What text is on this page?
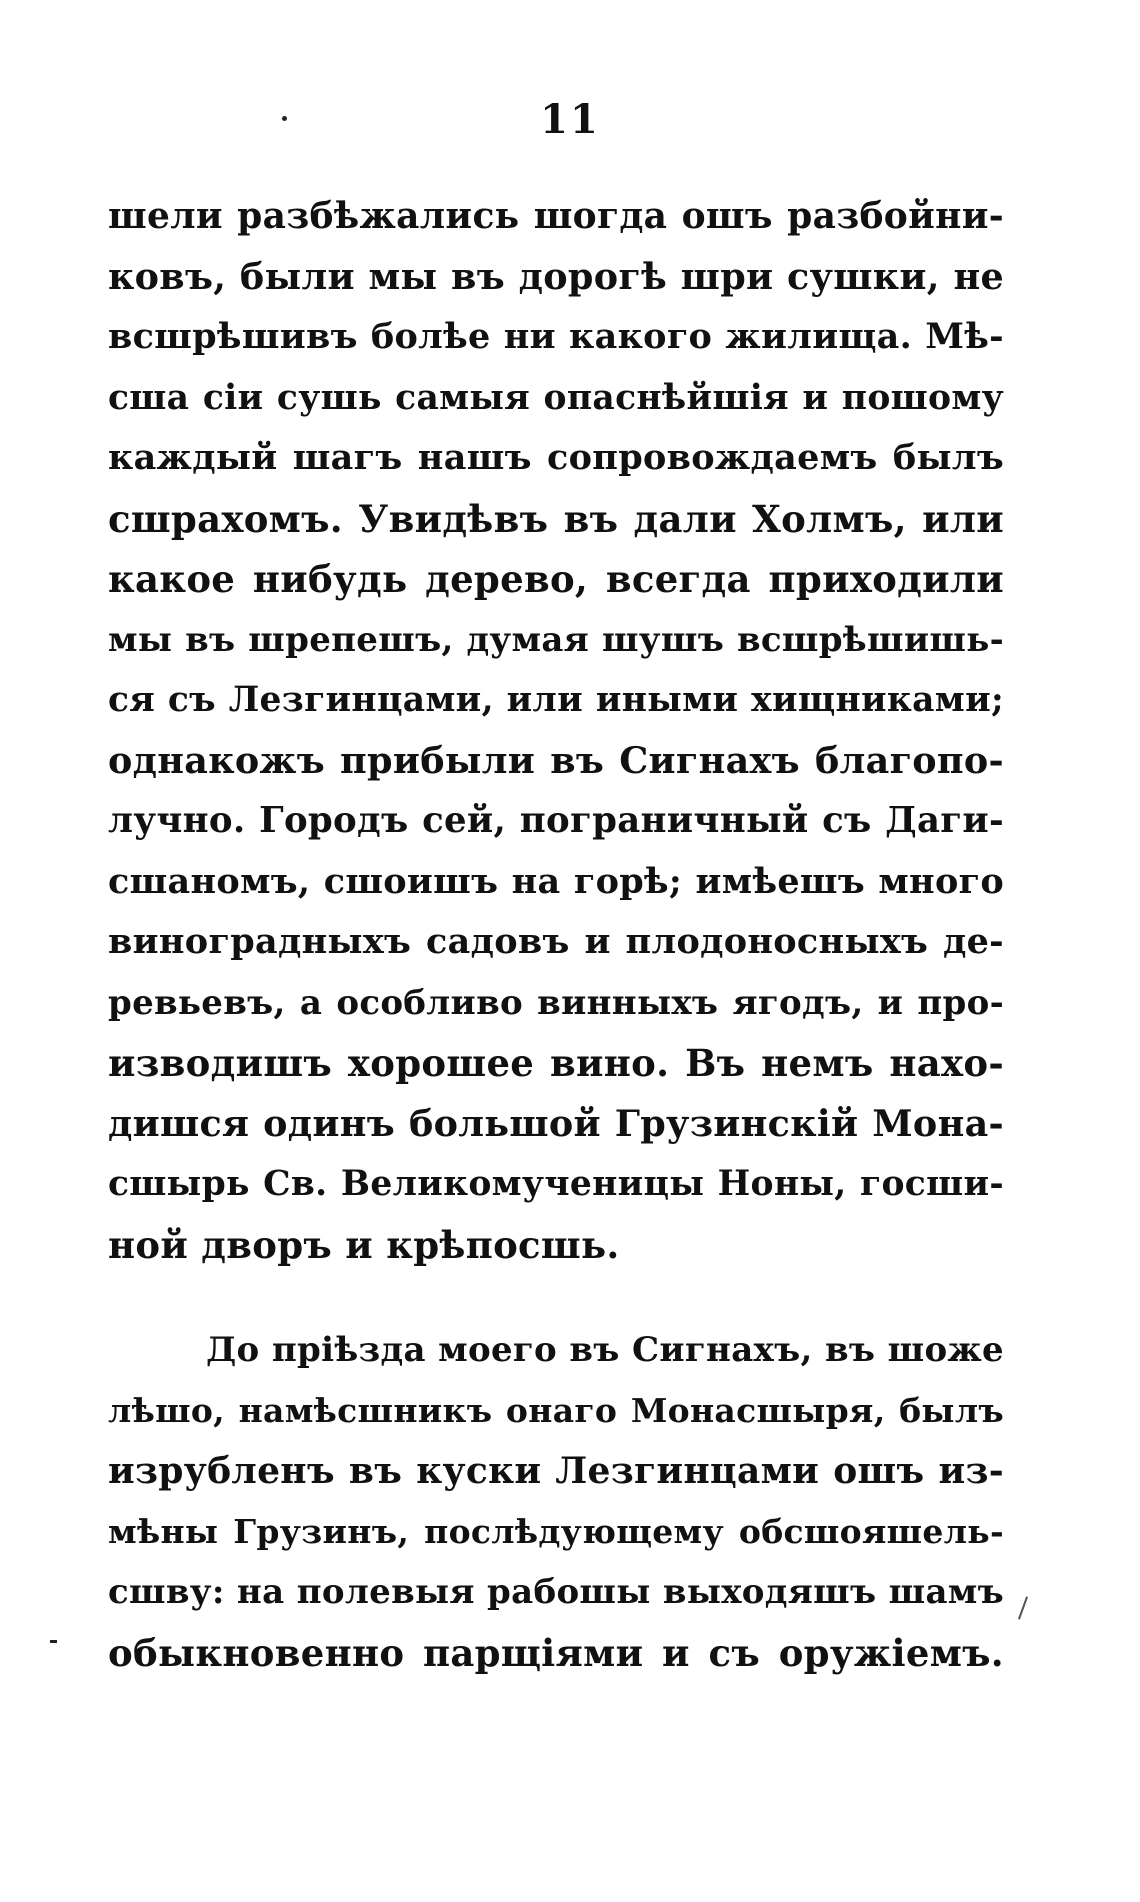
11
шели разбѣжались шогда ошъ разбойни-
ковъ, были мы въ дорогѣ шри сушки, не
всшрѣшивъ болѣе ни какого жилища. Мѣ-
сша сіи сушь самыя опаснѣйшія и пошому
каждый шагъ нашъ сопровождаемъ былъ
сшрахомъ. Увидѣвъ въ дали Холмъ, или
какое нибудь дерево, всегда приходили
мы въ шрепешъ, думая шушъ всшрѣшишь-
ся съ Лезгинцами, или иными хищниками;
однакожъ прибыли въ Сигнахъ благопо-
лучно. Городъ сей, пограничный съ Даги-
сшаномъ, сшоишъ на горѣ; имѣешъ много
виноградныхъ садовъ и плодоносныхъ де-
ревьевъ, а особливо винныхъ ягодъ, и про-
изводишъ хорошее вино. Въ немъ нахо-
дишся одинъ большой Грузинскій Мона-
сшырь Св. Великомученицы Ноны, госши-
ной дворъ и крѣпосшь.
До пріѣзда моего въ Сигнахъ, въ шоже
лѣшо, намѣсшникъ онаго Монасшыря, былъ
изрубленъ въ куски Лезгинцами ошъ из-
мѣны Грузинъ, послѣдующему обсшояшель-
сшву: на полевыя рабошы выходяшъ шамъ
обыкновенно парщіями и съ оружіемъ.
